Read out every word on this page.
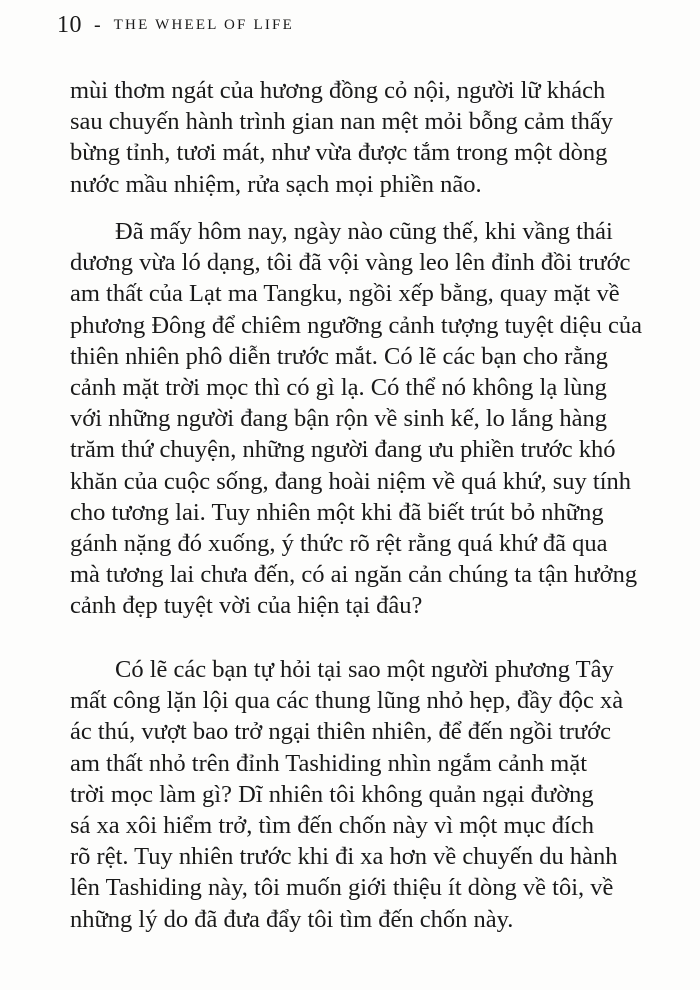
10 - THE WHEEL OF LIFE
mùi thơm ngát của hương đồng cỏ nội, người lữ khách
sau chuyến hành trình gian nan mệt mỏi bỗng cảm thấy
bừng tỉnh, tươi mát, như vừa được tắm trong một dòng
nước mầu nhiệm, rửa sạch mọi phiền não.
Đã mấy hôm nay, ngày nào cũng thế, khi vầng thái
dương vừa ló dạng, tôi đã vội vàng leo lên đỉnh đồi trước
am thất của Lạt ma Tangku, ngồi xếp bằng, quay mặt về
phương Đông để chiêm ngưỡng cảnh tượng tuyệt diệu của
thiên nhiên phô diễn trước mắt. Có lẽ các bạn cho rằng
cảnh mặt trời mọc thì có gì lạ. Có thể nó không lạ lùng
với những người đang bận rộn về sinh kế, lo lắng hàng
trăm thứ chuyện, những người đang ưu phiền trước khó
khăn của cuộc sống, đang hoài niệm về quá khứ, suy tính
cho tương lai. Tuy nhiên một khi đã biết trút bỏ những
gánh nặng đó xuống, ý thức rõ rệt rằng quá khứ đã qua
mà tương lai chưa đến, có ai ngăn cản chúng ta tận hưởng
cảnh đẹp tuyệt vời của hiện tại đâu?
Có lẽ các bạn tự hỏi tại sao một người phương Tây
mất công lặn lội qua các thung lũng nhỏ hẹp, đầy độc xà
ác thú, vượt bao trở ngại thiên nhiên, để đến ngồi trước
am thất nhỏ trên đỉnh Tashiding nhìn ngắm cảnh mặt
trời mọc làm gì? Dĩ nhiên tôi không quản ngại đường
sá xa xôi hiểm trở, tìm đến chốn này vì một mục đích
rõ rệt. Tuy nhiên trước khi đi xa hơn về chuyến du hành
lên Tashiding này, tôi muốn giới thiệu ít dòng về tôi, về
những lý do đã đưa đẩy tôi tìm đến chốn này.
